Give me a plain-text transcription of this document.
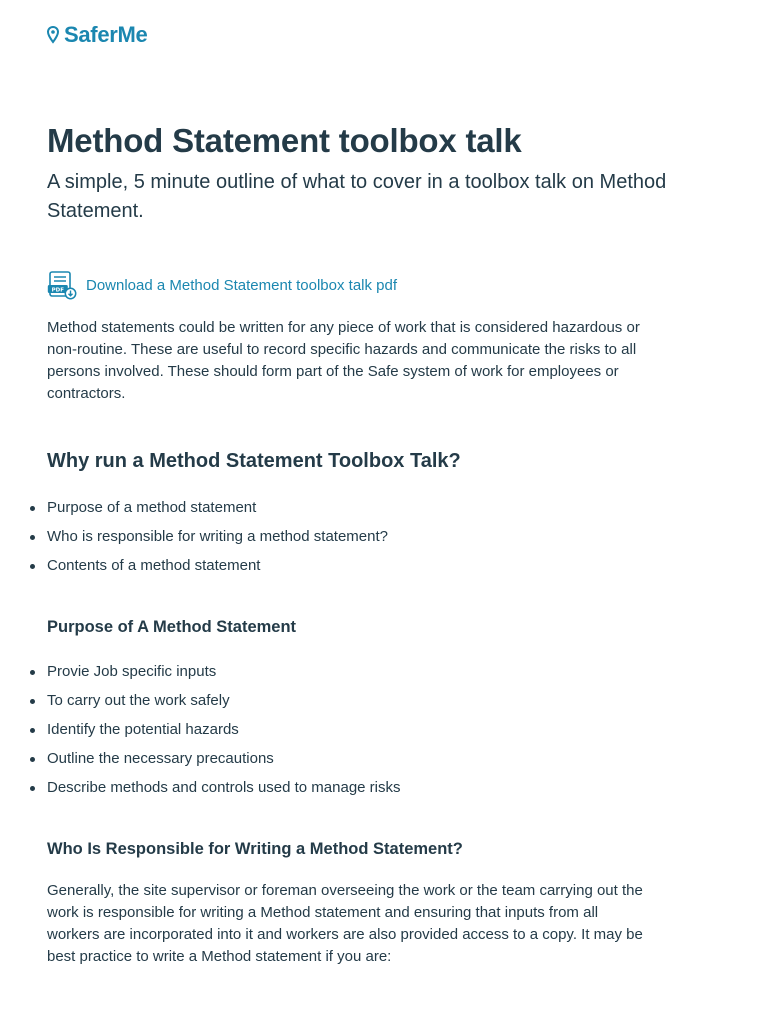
SaferMe
Method Statement toolbox talk

A simple, 5 minute outline of what to cover in a toolbox talk on Method Statement.

PDF Download a Method Statement toolbox talk pdf

Method statements could be written for any piece of work that is considered hazardous or non-routine. These are useful to record specific hazards and communicate the risks to all persons involved. These should form part of the Safe system of work for employees or contractors.

Why run a Method Statement Toolbox Talk?
Purpose of a method statement
Who is responsible for writing a method statement?
Contents of a method statement
Purpose of A Method Statement
Provie Job specific inputs
To carry out the work safely
Identify the potential hazards
Outline the necessary precautions
Describe methods and controls used to manage risks
Who Is Responsible for Writing a Method Statement?

Generally, the site supervisor or foreman overseeing the work or the team carrying out the work is responsible for writing a Method statement and ensuring that inputs from all workers are incorporated into it and workers are also provided access to a copy. It may be best practice to write a Method statement if you are:
